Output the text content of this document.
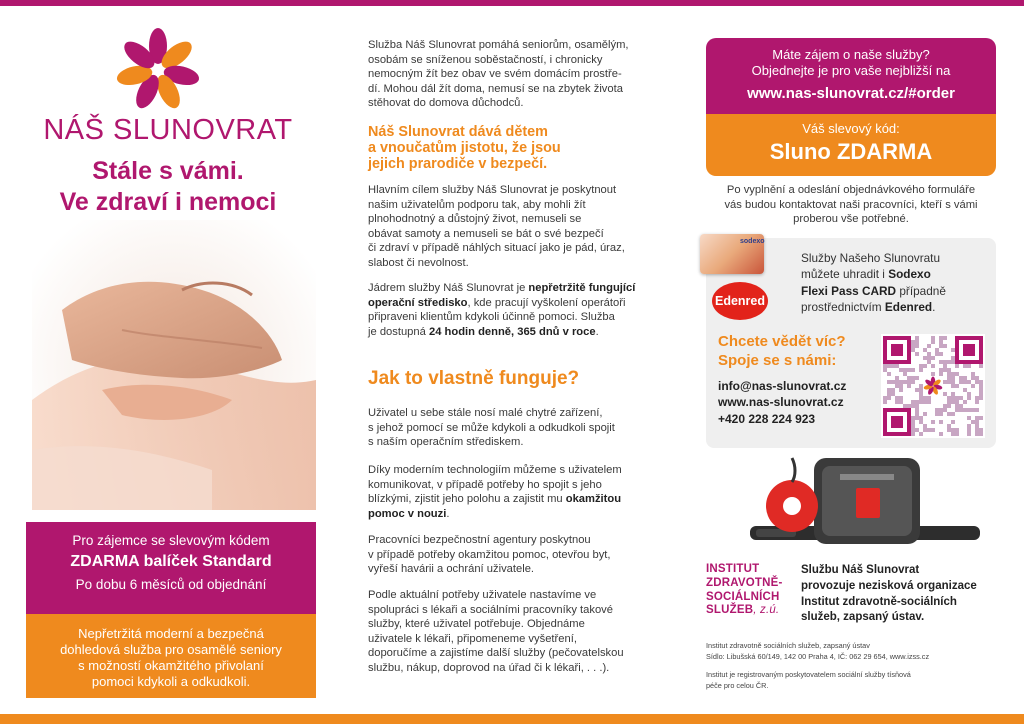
NÁŠ SLUNOVRAT
Stále s vámi.
Ve zdraví i nemoci
Pro zájemce se slevovým kódem
ZDARMA balíček Standard
Po dobu 6 měsíců od objednání
Nepřetržitá moderní a bezpečná
dohledová služba pro osamělé seniory
s možností okamžitého přivolaní
pomoci kdykoli a odkudkoli.
Služba Náš Slunovrat pomáhá seniorům, osamělým,
osobám se sníženou soběstačností, i chronicky
nemocným žít bez obav ve svém domácím prostře-
dí. Mohou dál žít doma, nemusí se na zbytek života
stěhovat do domova důchodců.
Náš Slunovrat dává dětem
a vnoučatům jistotu, že jsou
jejich prarodiče v bezpečí.
Hlavním cílem služby Náš Slunovrat je poskytnout
našim uživatelům podporu tak, aby mohli žít
plnohodnotný a důstojný život, nemuseli se
obávat samoty a nemuseli se bát o své bezpečí
či zdraví v případě náhlých situací jako je pád, úraz,
slabost či nevolnost.
Jádrem služby Náš Slunovrat je nepřetržitě fungující
operační středisko, kde pracují vyškolení operátoři
připraveni klientům kdykoli účinně pomoci. Služba
je dostupná 24 hodin denně, 365 dnů v roce.
Jak to vlastně funguje?
Uživatel u sebe stále nosí malé chytré zařízení,
s jehož pomocí se může kdykoli a odkudkoli spojit
s naším operačním střediskem.
Díky moderním technologiím můžeme s uživatelem
komunikovat, v případě potřeby ho spojit s jeho
blízkými, zjistit jeho polohu a zajistit mu okamžitou
pomoc v nouzi.
Pracovníci bezpečnostní agentury poskytnou
v případě potřeby okamžitou pomoc, otevřou byt,
vyřeší havárii a ochrání uživatele.
Podle aktuální potřeby uživatele nastavíme ve
spolupráci s lékaři a sociálními pracovníky takové
služby, které uživatel potřebuje. Objednáme
uživatele k lékaři, připomeneme vyšetření,
doporučíme a zajistíme další služby (pečovatelskou
službu, nákup, doprovod na úřad či k lékaři, . . .).
Máte zájem o naše služby?
Objednejte je pro vaše nejbližší na
www.nas-slunovrat.cz/#order
Váš slevový kód:
Sluno ZDARMA
Po vyplnění a odeslání objednávkového formuláře
vás budou kontaktovat naši pracovníci, kteří s vámi
proberou vše potřebné.
sodexo
Edenred
Služby Našeho Slunovratu
můžete uhradit i Sodexo
Flexi Pass CARD případně
prostřednictvím Edenred.
Chcete vědět víc?
Spoje se s námi:
info@nas-slunovrat.cz
www.nas-slunovrat.cz
+420 228 224 923
INSTITUT
ZDRAVOTNĚ-
SOCIÁLNÍCH
SLUŽEB, z.ú.
Službu Náš Slunovrat
provozuje nezisková organizace
Institut zdravotně-sociálních
služeb, zapsaný ústav.
Institut zdravotně sociálních služeb, zapsaný ústav
Sídlo: Libušská 60/149, 142 00 Praha 4, IČ: 062 29 654, www.izss.cz
Institut je registrovaným poskytovatelem sociální služby tísňová
péče pro celou ČR.
